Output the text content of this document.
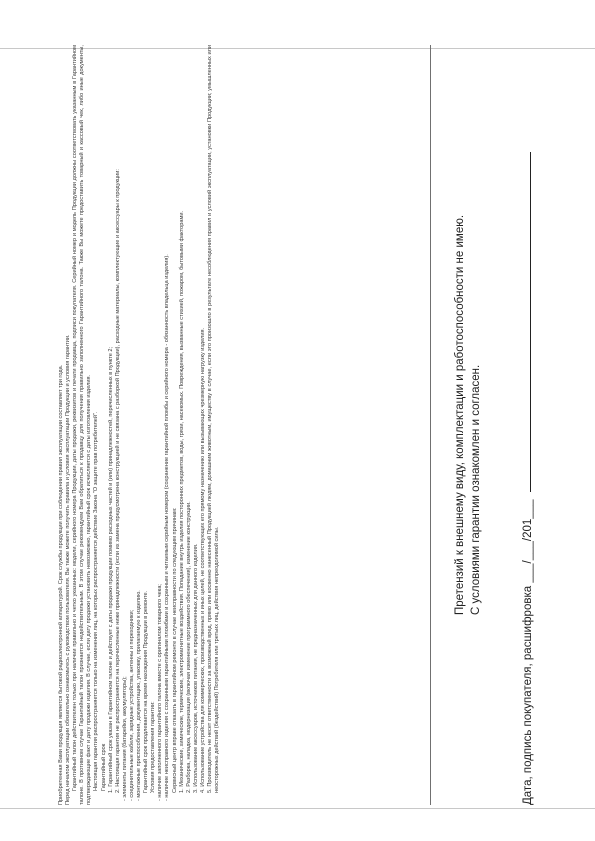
Приобретенная Вами продукция является бытовой радиоэлектронной аппаратурой. Срок службы продукции при соблюдении правил эксплуатации составляет три года. Перед началом эксплуатации обязательно ознакомьтесь с руководством пользователя. Вы также можете получить правила и условия эксплуатации Продукции и условия гарантии. Гарантийный талон действителен только при наличии правильно и четко указанных: модели, серийного номера Продукции, даты продажи, реквизитов и печати продавца, подписи покупателя. Серийный номер и модель Продукции должны соответствовать указанным в Гарантийном талоне. В противном случае Гарантийный талон признается недействительным. В этом случае рекомендуем Вам обратиться к продавцу для получения правильно заполненного Гарантийного талона. Также Вы можете предоставить товарный и кассовый чек, либо иные документы, подтверждающие факт и дату продажи изделия. В случае, если дату продажи установить невозможно, гарантийный срок исчисляется с даты изготовления изделия. Настоящая гарантия распространяется только на изменения лиц, на которых распространяется действие Закона "О защите прав потребителей". Гарантийный срок 1. Гарантийный срок указан в Гарантийном талоне и действует с даты продажи продукции помимо расходных частей и (или) принадлежностей, перечисленных в пункте 2; 2. Настоящая гарантия не распространяется на перечисленные ниже принадлежности (если их замена предусмотрена конструкцией и не связана с разборкой Продукции), расходные материалы, комплектующие и аксессуары к продукции: - элементы питания (батарейки, аккумуляторы); - соединительные кабели, зарядные устройства, антенны и переходники; - монтажные приспособления, документацию, упаковку, прилагаемую к изделию. Гарантийный срок продлевается на время нахождения Продукции в ремонте. Условия предоставления гарантии: - наличие заполненного гарантийного талона вместе с оригиналом товарного чека; - наличие неисправного изделия с сохранными гарантийными пломбами и сохранным и читаемым серийным номером (сохранение гарантийной пломбы и серийного номера - обязанность владельца изделия). Сервисный центр вправе отказать в гарантийном ремонте в случае неисправности по следующим причинам: 1. Механические, химические, термические, электромагнитные воздействия. Попадание внутрь изделия посторонних предметов, воды, грязи, насекомых. Повреждения, вызванные стихией, пожаром, бытовыми факторами. 2. Разборка, наладка, модернизация (включая изменение программного обеспечения), изменение конструкции. 3. Использование аксессуаров, источников питания, не предназначенных для данного изделия. 4. Использование устройства для коммерческих, производственных и иных целей, не соответствующих его прямому назначению или вызывающих чрезмерную нагрузку изделия. 5. Производитель не несет ответственности за возможный вред, прямо или косвенно нанесенный Продукцией людям, домашним животным, имуществу в случае, если это произошло в результате несоблюдения правил и условий эксплуатации, установки Продукции; умышленных или неосторожных действий (бездействий) Потребителя или третьих лиц, действия непреодолимой силы.

Претензий к внешнему виду, комплектации и работоспособности не имею. С условиями гарантии ознакомлен и согласен.
Дата, подпись покупателя, расшифровка ___/___/201___
